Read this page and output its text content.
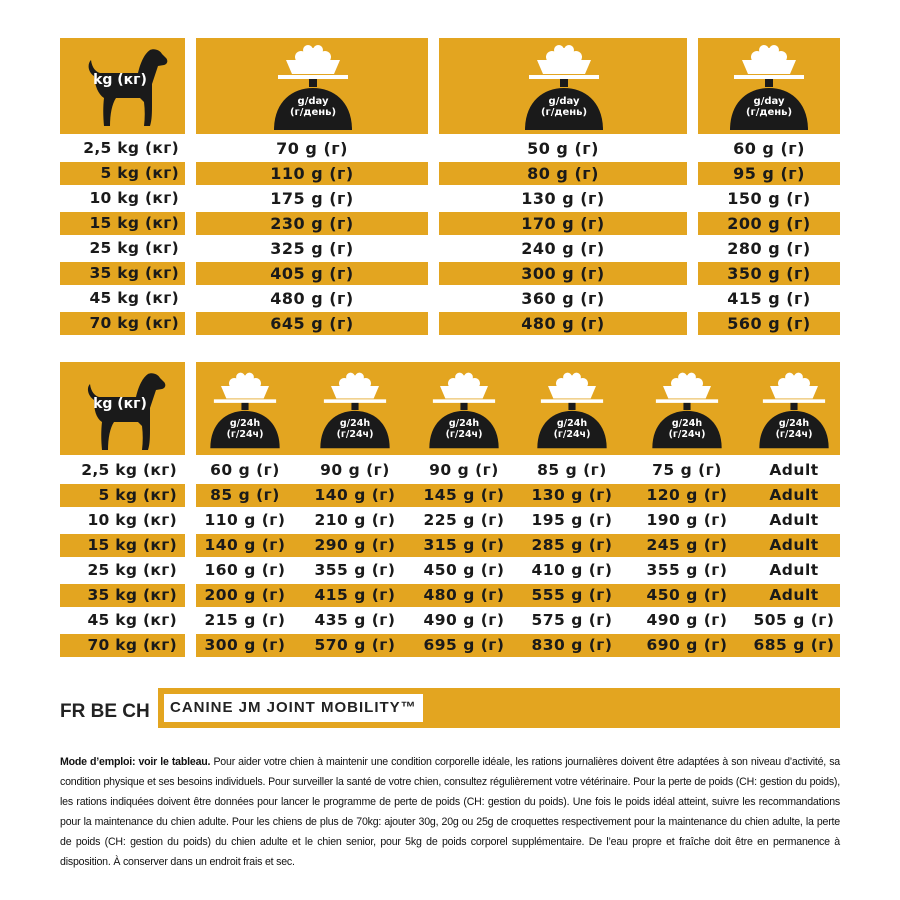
kg (кг)
g/day
(г/день)
g/day
(г/день)
g/day
(г/день)
2,5 kg (кг)	70 g (г)	50 g (г)	60 g (г)
5 kg (кг)	110 g (г)	80 g (г)	95 g (г)
10 kg (кг)	175 g (г)	130 g (г)	150 g (г)
15 kg (кг)	230 g (г)	170 g (г)	200 g (г)
25 kg (кг)	325 g (г)	240 g (г)	280 g (г)
35 kg (кг)	405 g (г)	300 g (г)	350 g (г)
45 kg (кг)	480 g (г)	360 g (г)	415 g (г)
70 kg (кг)	645 g (г)	480 g (г)	560 g (г)
kg (кг)
g/24h
(г/24ч)
g/24h
(г/24ч)
g/24h
(г/24ч)
g/24h
(г/24ч)
g/24h
(г/24ч)
g/24h
(г/24ч)
2,5 kg (кг)	60 g (г)	90 g (г)	90 g (г)	85 g (г)	75 g (г)	Adult
5 kg (кг)	85 g (г)	140 g (г)	145 g (г)	130 g (г)	120 g (г)	Adult
10 kg (кг)	110 g (г)	210 g (г)	225 g (г)	195 g (г)	190 g (г)	Adult
15 kg (кг)	140 g (г)	290 g (г)	315 g (г)	285 g (г)	245 g (г)	Adult
25 kg (кг)	160 g (г)	355 g (г)	450 g (г)	410 g (г)	355 g (г)	Adult
35 kg (кг)	200 g (г)	415 g (г)	480 g (г)	555 g (г)	450 g (г)	Adult
45 kg (кг)	215 g (г)	435 g (г)	490 g (г)	575 g (г)	490 g (г)	505 g (г)
70 kg (кг)	300 g (г)	570 g (г)	695 g (г)	830 g (г)	690 g (г)	685 g (г)
FR BE CH	CANINE JM JOINT MOBILITY™
Mode d’emploi: voir le tableau. Pour aider votre chien à maintenir une condition corporelle idéale, les rations journalières doivent être adaptées à son niveau d’activité, sa condition physique et ses besoins individuels. Pour surveiller la santé de votre chien, consultez régulièrement votre vétérinaire. Pour la perte de poids (CH: gestion du poids), les rations indiquées doivent être données pour lancer le programme de perte de poids (CH: gestion du poids). Une fois le poids idéal atteint, suivre les recommandations pour la maintenance du chien adulte. Pour les chiens de plus de 70kg: ajouter 30g, 20g ou 25g de croquettes respectivement pour la maintenance du chien adulte, la perte de poids (CH: gestion du poids) du chien adulte et le chien senior, pour 5kg de poids corporel supplémentaire. De l’eau propre et fraîche doit être en permanence à disposition. À conserver dans un endroit frais et sec.
